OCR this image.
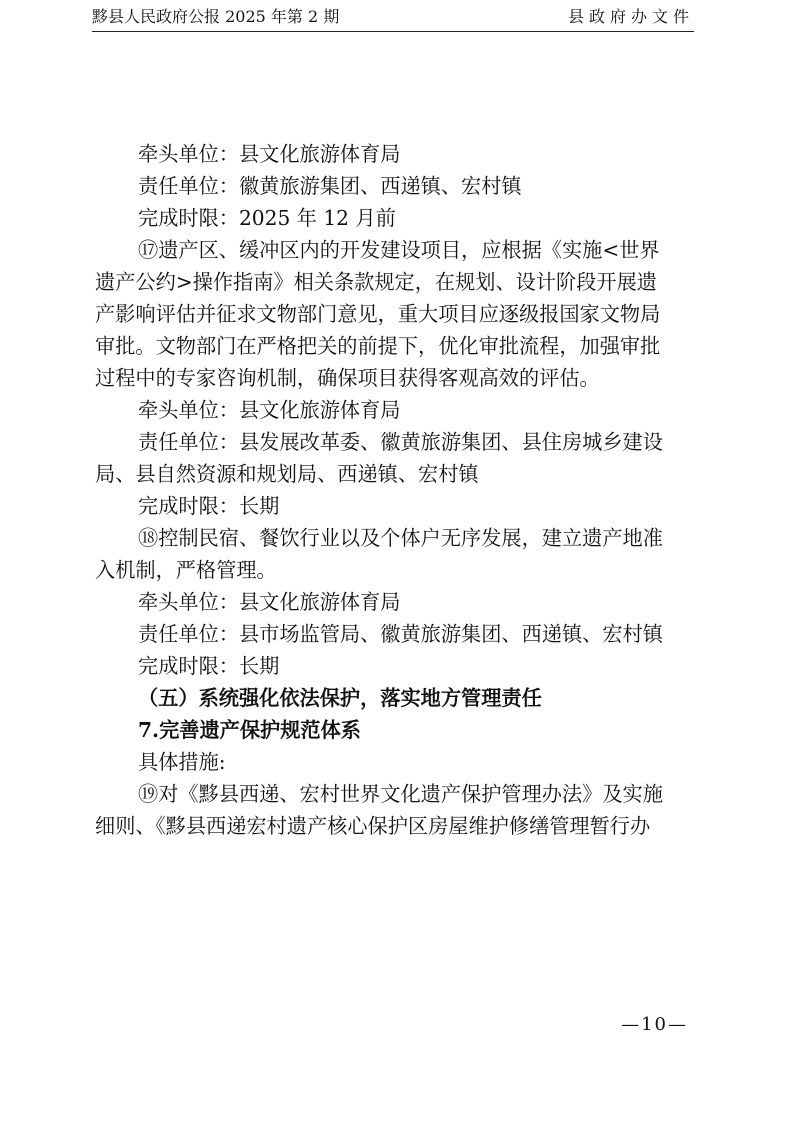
黟县人民政府公报 2025 年第 2 期	县政府办文件
牵头单位：县文化旅游体育局
责任单位：徽黄旅游集团、西递镇、宏村镇
完成时限：2025 年 12 月前
⑰遗产区、缓冲区内的开发建设项目，应根据《实施<世界
遗产公约>操作指南》相关条款规定，在规划、设计阶段开展遗
产影响评估并征求文物部门意见，重大项目应逐级报国家文物局
审批。文物部门在严格把关的前提下，优化审批流程，加强审批
过程中的专家咨询机制，确保项目获得客观高效的评估。
牵头单位：县文化旅游体育局
责任单位：县发展改革委、徽黄旅游集团、县住房城乡建设
局、县自然资源和规划局、西递镇、宏村镇
完成时限：长期
⑱控制民宿、餐饮行业以及个体户无序发展，建立遗产地准
入机制，严格管理。
牵头单位：县文化旅游体育局
责任单位：县市场监管局、徽黄旅游集团、西递镇、宏村镇
完成时限：长期
（五）系统强化依法保护，落实地方管理责任
7.完善遗产保护规范体系
具体措施:
⑲对《黟县西递、宏村世界文化遗产保护管理办法》及实施
细则、《黟县西递宏村遗产核心保护区房屋维护修缮管理暂行办
—10—
